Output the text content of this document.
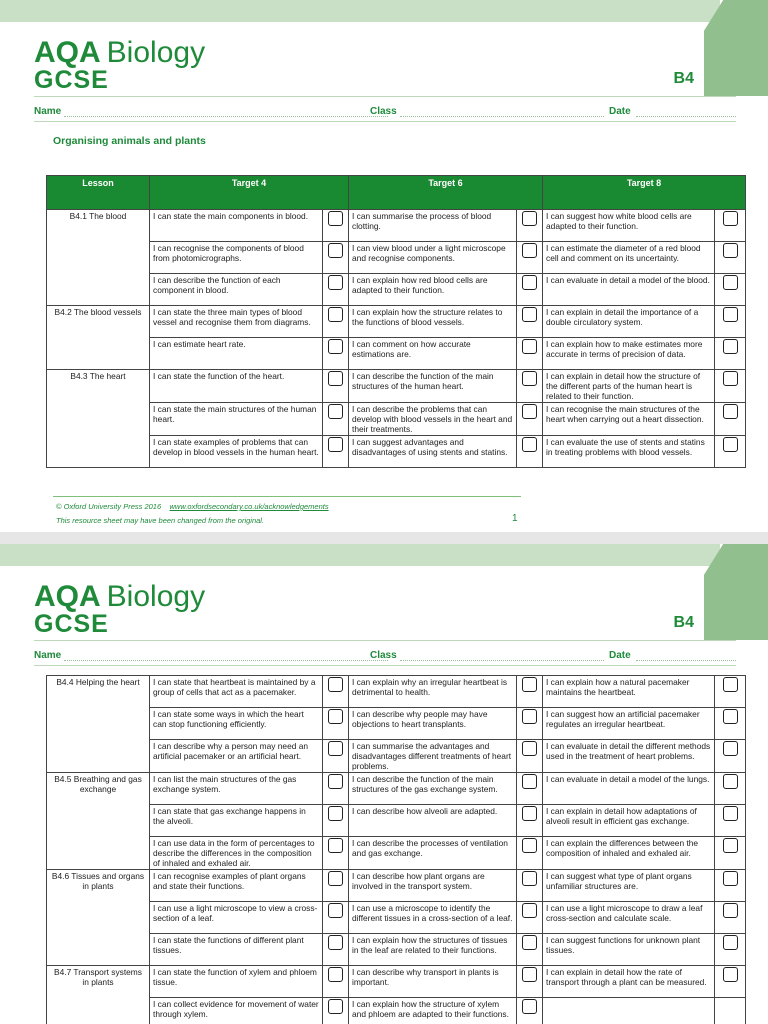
AQA Biology
GCSE	B4
Name	Class	Date
Organising animals and plants
Lesson	Target 4		Target 6		Target 8	
B4.1 The blood	I can state the main components in blood.		I can summarise the process of blood clotting.		I can suggest how white blood cells are adapted to their function.	
	I can recognise the components of blood from photomicrographs.		I can view blood under a light microscope and recognise components.		I can estimate the diameter of a red blood cell and comment on its uncertainty.	
	I can describe the function of each component in blood.		I can explain how red blood cells are adapted to their function.		I can evaluate in detail a model of the blood.	
B4.2 The blood vessels	I can state the three main types of blood vessel and recognise them from diagrams.		I can explain how the structure relates to the functions of blood vessels.		I can explain in detail the importance of a double circulatory system.	
	I can estimate heart rate.		I can comment on how accurate estimations are.		I can explain how to make estimates more accurate in terms of precision of data.	
B4.3 The heart	I can state the function of the heart.		I can describe the function of the main structures of the human heart.		I can explain in detail how the structure of the different parts of the human heart is related to their function.	
	I can state the main structures of the human heart.		I can describe the problems that can develop with blood vessels in the heart and their treatments.		I can recognise the main structures of the heart when carrying out a heart dissection.	
	I can state examples of problems that can develop in blood vessels in the human heart.		I can suggest advantages and disadvantages of using stents and statins.		I can evaluate the use of stents and statins in treating problems with blood vessels.	
© Oxford University Press 2016 www.oxfordsecondary.co.uk/acknowledgements
This resource sheet may have been changed from the original.	1
AQA Biology
GCSE	B4
Name	Class	Date
B4.4 Helping the heart	I can state that heartbeat is maintained by a group of cells that act as a pacemaker.		I can explain why an irregular heartbeat is detrimental to health.		I can explain how a natural pacemaker maintains the heartbeat.	
	I can state some ways in which the heart can stop functioning efficiently.		I can describe why people may have objections to heart transplants.		I can suggest how an artificial pacemaker regulates an irregular heartbeat.	
	I can describe why a person may need an artificial pacemaker or an artificial heart.		I can summarise the advantages and disadvantages different treatments of heart problems.		I can evaluate in detail the different methods used in the treatment of heart problems.	
B4.5 Breathing and gas exchange	I can list the main structures of the gas exchange system.		I can describe the function of the main structures of the gas exchange system.		I can evaluate in detail a model of the lungs.	
	I can state that gas exchange happens in the alveoli.		I can describe how alveoli are adapted.		I can explain in detail how adaptations of alveoli result in efficient gas exchange.	
	I can use data in the form of percentages to describe the differences in the composition of inhaled and exhaled air.		I can describe the processes of ventilation and gas exchange.		I can explain the differences between the composition of inhaled and exhaled air.	
B4.6 Tissues and organs in plants	I can recognise examples of plant organs and state their functions.		I can describe how plant organs are involved in the transport system.		I can suggest what type of plant organs unfamiliar structures are.	
	I can use a light microscope to view a cross-section of a leaf.		I can use a microscope to identify the different tissues in a cross-section of a leaf.		I can use a light microscope to draw a leaf cross-section and calculate scale.	
	I can state the functions of different plant tissues.		I can explain how the structures of tissues in the leaf are related to their functions.		I can suggest functions for unknown plant tissues.	
B4.7 Transport systems in plants	I can state the function of xylem and phloem tissue.		I can describe why transport in plants is important.		I can explain in detail how the rate of transport through a plant can be measured.	
	I can collect evidence for movement of water through xylem.		I can explain how the structure of xylem and phloem are adapted to their functions.			
